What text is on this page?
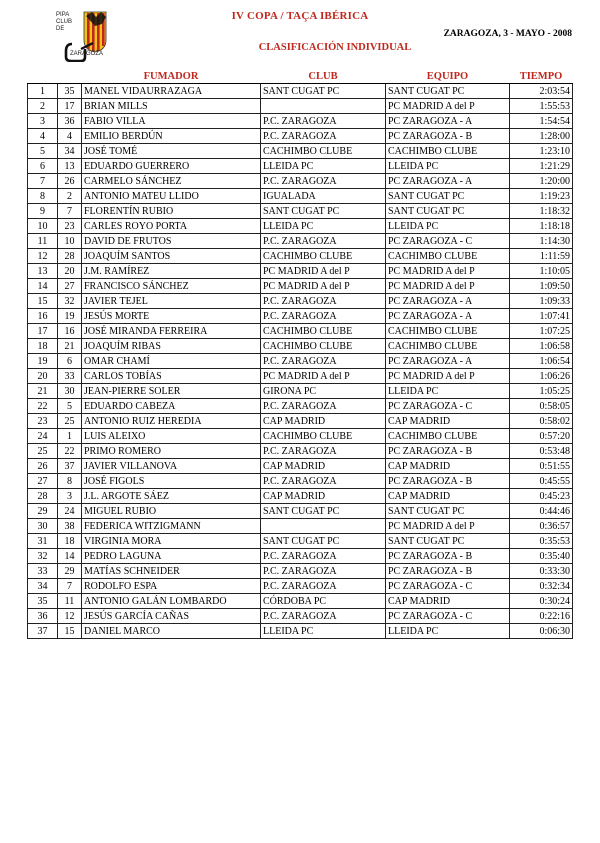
PIPA
CLUB
DE
ZARAGOZA
IV COPA / TAÇA IBÉRICA
ZARAGOZA, 3 - MAYO - 2008
CLASIFICACIÓN INDIVIDUAL
		FUMADOR	CLUB	EQUIPO	TIEMPO
1	35	MANEL VIDAURRAZAGA	SANT CUGAT PC	SANT CUGAT PC	2:03:54
2	17	BRIAN MILLS		PC MADRID A del P	1:55:53
3	36	FABIO VILLA	P.C. ZARAGOZA	PC ZARAGOZA - A	1:54:54
4	4	EMILIO BERDÚN	P.C. ZARAGOZA	PC ZARAGOZA - B	1:28:00
5	34	JOSÉ TOMÉ	CACHIMBO CLUBE	CACHIMBO CLUBE	1:23:10
6	13	EDUARDO GUERRERO	LLEIDA PC	LLEIDA PC	1:21:29
7	26	CARMELO SÁNCHEZ	P.C. ZARAGOZA	PC ZARAGOZA - A	1:20:00
8	2	ANTONIO MATEU LLIDO	IGUALADA	SANT CUGAT PC	1:19:23
9	7	FLORENTÍN RUBIO	SANT CUGAT PC	SANT CUGAT PC	1:18:32
10	23	CARLES ROYO PORTA	LLEIDA PC	LLEIDA PC	1:18:18
11	10	DAVID DE FRUTOS	P.C. ZARAGOZA	PC ZARAGOZA - C	1:14:30
12	28	JOAQUÍM SANTOS	CACHIMBO CLUBE	CACHIMBO CLUBE	1:11:59
13	20	J.M. RAMÍREZ	PC MADRID A del P	PC MADRID A del P	1:10:05
14	27	FRANCISCO SÁNCHEZ	PC MADRID A del P	PC MADRID A del P	1:09:50
15	32	JAVIER TEJEL	P.C. ZARAGOZA	PC ZARAGOZA - A	1:09:33
16	19	JESÚS MORTE	P.C. ZARAGOZA	PC ZARAGOZA - A	1:07:41
17	16	JOSÉ MIRANDA FERREIRA	CACHIMBO CLUBE	CACHIMBO CLUBE	1:07:25
18	21	JOAQUÍM RIBAS	CACHIMBO CLUBE	CACHIMBO CLUBE	1:06:58
19	6	OMAR CHAMÍ	P.C. ZARAGOZA	PC ZARAGOZA - A	1:06:54
20	33	CARLOS TOBÍAS	PC MADRID A del P	PC MADRID A del P	1:06:26
21	30	JEAN-PIERRE SOLER	GIRONA PC	LLEIDA PC	1:05:25
22	5	EDUARDO CABEZA	P.C. ZARAGOZA	PC ZARAGOZA - C	0:58:05
23	25	ANTONIO RUIZ HEREDIA	CAP MADRID	CAP MADRID	0:58:02
24	1	LUIS ALEIXO	CACHIMBO CLUBE	CACHIMBO CLUBE	0:57:20
25	22	PRIMO ROMERO	P.C. ZARAGOZA	PC ZARAGOZA - B	0:53:48
26	37	JAVIER VILLANOVA	CAP MADRID	CAP MADRID	0:51:55
27	8	JOSÉ FIGOLS	P.C. ZARAGOZA	PC ZARAGOZA - B	0:45:55
28	3	J.L. ARGOTE SÁEZ	CAP MADRID	CAP MADRID	0:45:23
29	24	MIGUEL RUBIO	SANT CUGAT PC	SANT CUGAT PC	0:44:46
30	38	FEDERICA WITZIGMANN		PC MADRID A del P	0:36:57
31	18	VIRGINIA MORA	SANT CUGAT PC	SANT CUGAT PC	0:35:53
32	14	PEDRO LAGUNA	P.C. ZARAGOZA	PC ZARAGOZA - B	0:35:40
33	29	MATÍAS SCHNEIDER	P.C. ZARAGOZA	PC ZARAGOZA - B	0:33:30
34	7	RODOLFO ESPA	P.C. ZARAGOZA	PC ZARAGOZA - C	0:32:34
35	11	ANTONIO GALÁN LOMBARDO	CÓRDOBA PC	CAP MADRID	0:30:24
36	12	JESÚS GARCÍA CAÑAS	P.C. ZARAGOZA	PC ZARAGOZA - C	0:22:16
37	15	DANIEL MARCO	LLEIDA PC	LLEIDA PC	0:06:30
